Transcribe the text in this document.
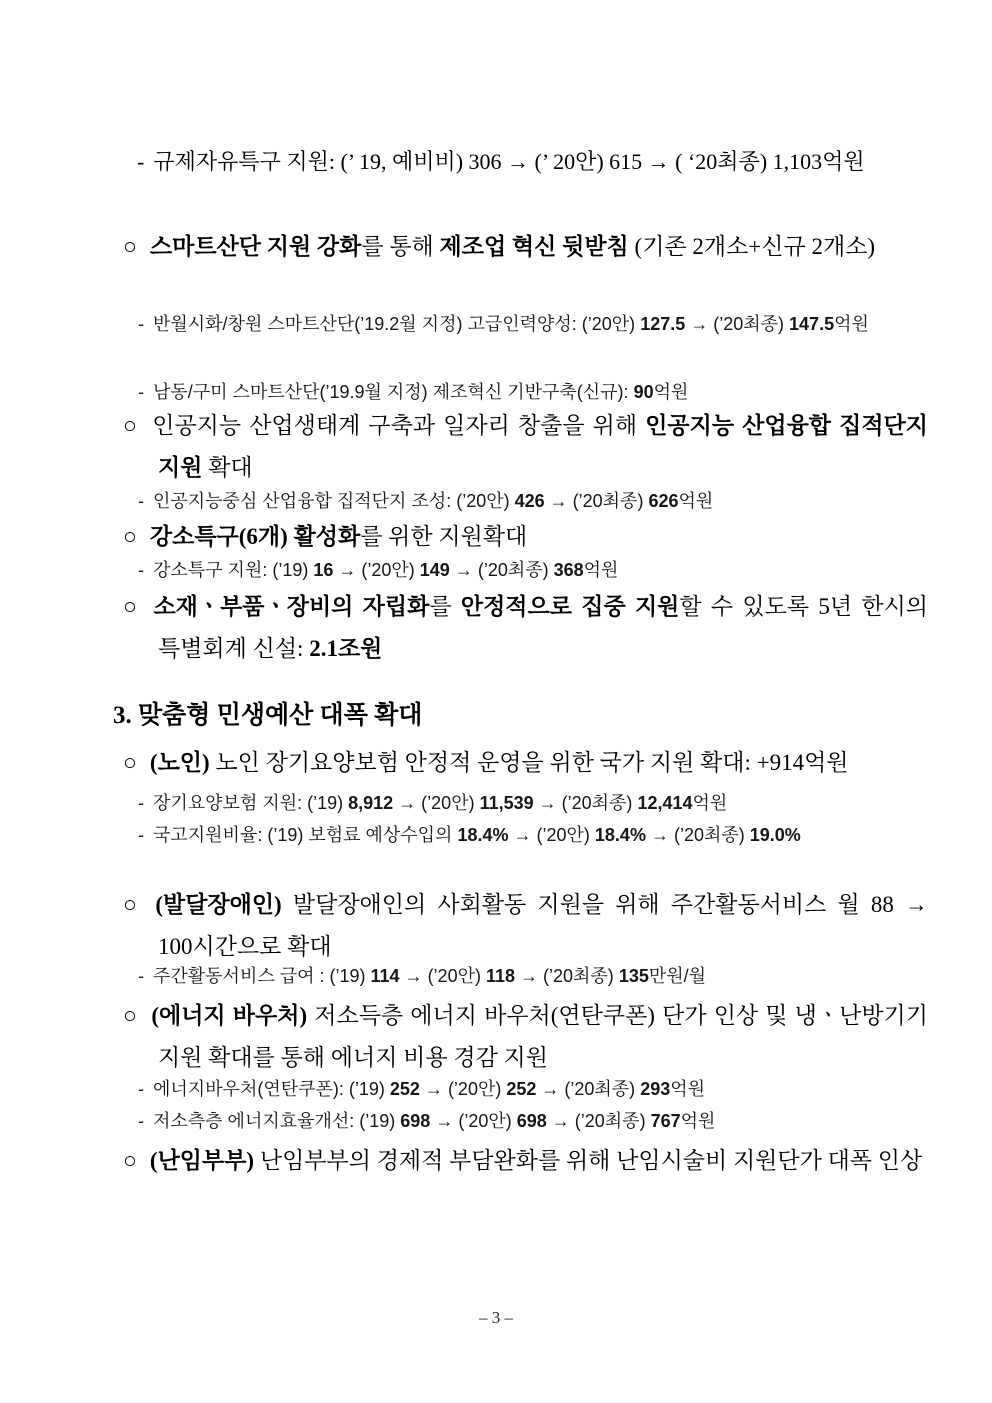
- 규제자유특구 지원: (’ 19, 예비비) 306 → (’ 20안) 615 → ( ‘20최종) 1,103억원
○ 스마트산단 지원 강화를 통해 제조업 혁신 뒷받침 (기존 2개소+신규 2개소)
- 반월시화/창원 스마트산단(’19.2월 지정) 고급인력양성: (’20안) 127.5 → (’20최종) 147.5억원
- 남동/구미 스마트산단(’19.9월 지정) 제조혁신 기반구축(신규): 90억원
○ 인공지능 산업생태계 구축과 일자리 창출을 위해 인공지능 산업융합 집적단지 지원 확대
- 인공지능중심 산업융합 집적단지 조성: (’20안) 426 → (’20최종) 626억원
○ 강소특구(6개) 활성화를 위한 지원확대
- 강소특구 지원: (’19) 16 → (’20안) 149 → (’20최종) 368억원
○ 소재ㆍ부품ㆍ장비의 자립화를 안정적으로 집중 지원할 수 있도록 5년 한시의 특별회계 신설: 2.1조원
3. 맞춤형 민생예산 대폭 확대
○ (노인) 노인 장기요양보험 안정적 운영을 위한 국가 지원 확대: +914억원
- 장기요양보험 지원: (’19) 8,912 → (’20안) 11,539 → (’20최종) 12,414억원
- 국고지원비율: (’19) 보험료 예상수입의 18.4% → (’20안) 18.4% → (’20최종) 19.0%
○ (발달장애인) 발달장애인의 사회활동 지원을 위해 주간활동서비스 월 88 → 100시간으로 확대
- 주간활동서비스 급여 : (’19) 114 → (’20안) 118 → (’20최종) 135만원/월
○ (에너지 바우처) 저소득층 에너지 바우처(연탄쿠폰) 단가 인상 및 냉ㆍ난방기기 지원 확대를 통해 에너지 비용 경감 지원
- 에너지바우처(연탄쿠폰): (’19) 252 → (’20안) 252 → (’20최종) 293억원
- 저소측층 에너지효율개선: (’19) 698 → (’20안) 698 → (’20최종) 767억원
○ (난임부부) 난임부부의 경제적 부담완화를 위해 난임시술비 지원단가 대폭 인상
– 3 –
